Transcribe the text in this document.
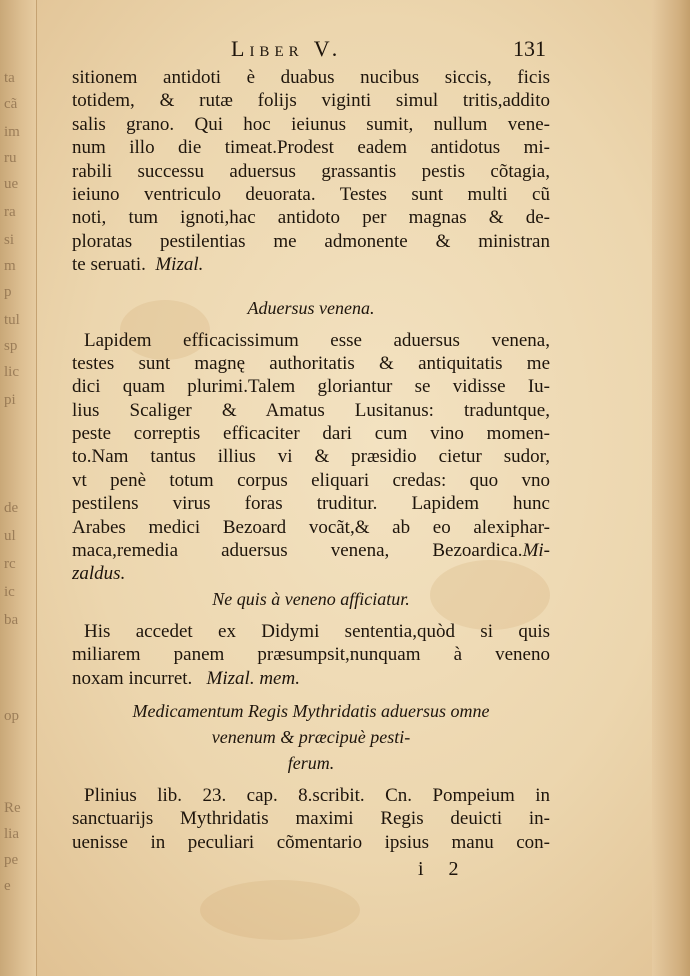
ta
cã
im
ru
ue
ra
si
m
p
tul
sp
lic
pi
de
ul
rc
ic
ba
op
Re
lia
pe
e
Liber V.	131
sitionem antidoti è duabus nucibus siccis, ficis
totidem, & rutæ folijs viginti simul tritis,addito
salis grano. Qui hoc ieiunus sumit, nullum vene-
num illo die timeat.Prodest eadem antidotus mi-
rabili successu aduersus grassantis pestis cõtagia,
ieiuno ventriculo deuorata. Testes sunt multi cũ
noti, tum ignoti,hac antidoto per magnas & de-
ploratas pestilentias me admonente & ministran
te seruati. Mizal.
Aduersus venena.
Lapidem efficacissimum esse aduersus venena,
testes sunt magnę authoritatis & antiquitatis me
dici quam plurimi.Talem gloriantur se vidisse Iu-
lius Scaliger & Amatus Lusitanus: traduntque,
peste correptis efficaciter dari cum vino momen-
to.Nam tantus illius vi & præsidio cietur sudor,
vt penè totum corpus eliquari credas: quo vno
pestilens virus foras truditur. Lapidem hunc
Arabes medici Bezoard vocãt,& ab eo alexiphar-
maca,remedia aduersus venena, Bezoardica.Mi-
zaldus.
Ne quis à veneno afficiatur.
His accedet ex Didymi sententia,quòd si quis
miliarem panem præsumpsit,nunquam à veneno
noxam incurret. Mizal. mem.
Medicamentum Regis Mythridatis aduersus omne
venenum & præcipuè pesti-
ferum.
Plinius lib. 23. cap. 8.scribit. Cn. Pompeium in
sanctuarijs Mythridatis maximi Regis deuicti in-
uenisse in peculiari cõmentario ipsius manu con-
i 2
